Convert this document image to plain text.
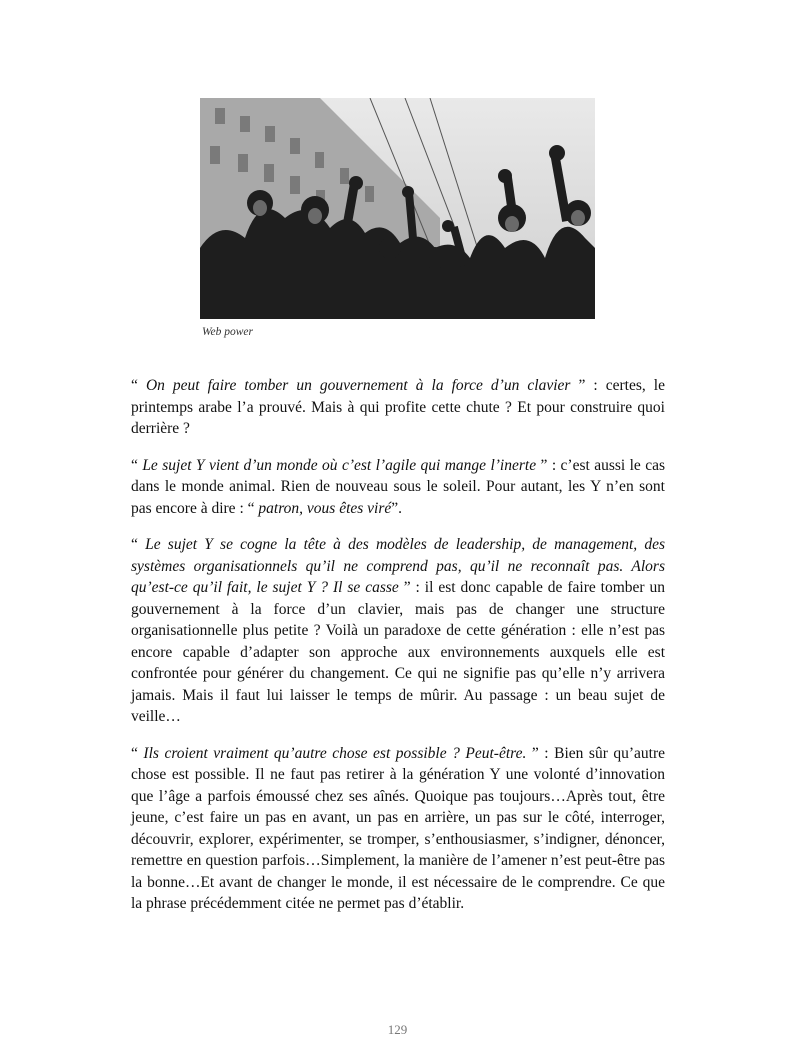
Web power

“ On peut faire tomber un gouvernement à la force d’un clavier ” : certes, le printemps arabe l’a prouvé. Mais à qui profite cette chute ? Et pour construire quoi derrière ?

“ Le sujet Y vient d’un monde où c’est l’agile qui mange l’inerte ” : c’est aussi le cas dans le monde animal. Rien de nouveau sous le soleil. Pour autant, les Y n’en sont pas encore à dire : “ patron, vous êtes viré”.

“ Le sujet Y se cogne la tête à des modèles de leadership, de management, des systèmes organisationnels qu’il ne comprend pas, qu’il ne reconnaît pas. Alors qu’est-ce qu’il fait, le sujet Y ? Il se casse ” : il est donc capable de faire tomber un gouvernement à la force d’un clavier, mais pas de changer une structure organisationnelle plus petite ? Voilà un paradoxe de cette génération : elle n’est pas encore capable d’adapter son approche aux environnements auxquels elle est confrontée pour générer du changement. Ce qui ne signifie pas qu’elle n’y arrivera jamais. Mais il faut lui laisser le temps de mûrir. Au passage : un beau sujet de veille…

“ Ils croient vraiment qu’autre chose est possible ? Peut-être. ” : Bien sûr qu’autre chose est possible. Il ne faut pas retirer à la génération Y une volonté d’innovation que l’âge a parfois émoussé chez ses aînés. Quoique pas toujours…Après tout, être jeune, c’est faire un pas en avant, un pas en arrière, un pas sur le côté, interroger, découvrir, explorer, expérimenter, se tromper, s’enthousiasmer, s’indigner, dénoncer, remettre en question parfois…Simplement, la manière de l’amener n’est peut-être pas la bonne…Et avant de changer le monde, il est nécessaire de le comprendre. Ce que la phrase précédemment citée ne permet pas d’établir.

129
